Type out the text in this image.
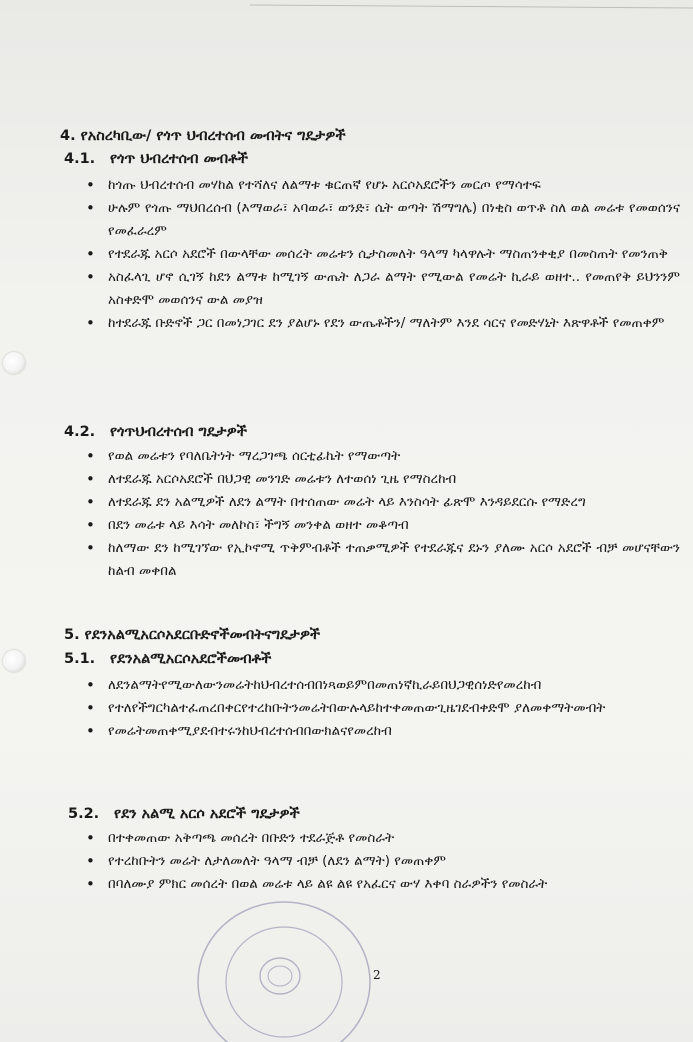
4. የአስረካቢው/ የጎጥ ህብረተሰብ መብትና ግዴታዎች
4.1. የጎጥ ህብረተሰብ መብቶች
• ከጎጡ ህብረተሰብ መሃከል የተሻለና ለልማቱ ቁርጠኛ የሆኑ አርሶአደሮችን መርጦ የማሳተፍ
• ሁሉም የጎጡ ማህበረሰብ (እማወራ፣ አባወራ፣ ወንድ፣ ሴት ወጣት ሽማግሌ) በነቂስ ወጥቶ ስለ ወል መሬቱ የመወሰንና የመፈራረም
• የተደራጁ አርሶ አደሮች በውላቸው መሰረት መሬቱን ሲታስመለት ዓላማ ካላዋሉት ማስጠንቀቂያ በመስጠት የመንጠቅ
• አስፈላጊ ሆኖ ሲገኝ ከደን ልማቱ ከሚገኝ ውጤት ለጋራ ልማት የሚውል የመሬት ኪራይ ወዘተ.. የመጠየቅ ይህንንም አስቀድሞ መወሰንና ውል መያዝ
• ከተደራጁ ቡድኖች ጋር በመነጋገር ደን ያልሆኑ የደን ውጤቶችን/ ማለትም እንደ ሳርና የመድሃኒት እጽዋቶች የመጠቀም
4.2. የጎጥህብረተሰብ ግዴታዎች
• የወል መሬቱን የባለቤትነት ማረጋገጫ ሰርቲፊኬት የማውጣት
• ለተደራጁ አርሶአደሮች በህጋዊ መንገድ መሬቱን ለተወሰነ ጊዜ የማስረከብ
• ለተደራጁ ደን አልሚዎች ለደን ልማት በተሰጠው መሬት ላይ እንስሳት ፊጽሞ እንዳይደርሱ የማድረግ
• በደን መሬቱ ላይ እሳት መለኮስ፣ ችግኝ መንቀል ወዘተ መቆጣብ
• ከለማው ደን ከሚገኘው የኢኮኖሚ ጥቅምብቶች ተጠቃሚዎች የተደራጁና ደኑን ያለሙ አርሶ አደሮች ብቻ መሆናቸውን ከልብ መቀበል
5. የደንአልሚአርሶአደርቡድኖችመብትናግዴታዎች
5.1. የደንአልሚአርሶአደሮችመብቶች
• ለደንልማትየሚውለውንመሬትከህብረተሰብበነጻወይምበመጠነኛኪራይበህጋዊሰነድየመረከብ
• የተለየችግርካልተፈጠረበቀርየተረከቡትንመሬትበውሉላይከተቀመጠውጊዜገደብቀድሞ ያለመቀማትመብት
• የመሬትመጠቀሚያደብተሩንከህብረተሰብበውክልናየመረከብ
5.2. የደን አልሚ አርሶ አደሮች ግዴታዎች
• በተቀመጠው አቅጣጫ መሰረት በቡድን ተደራጅቶ የመስራት
• የተረከቡትን መሬት ለታለመለት ዓላማ ብቻ (ለደን ልማት) የመጠቀም
• በባለሙያ ምክር መሰረት በወል መሬቱ ላይ ልዩ ልዩ የአፈርና ውሃ እቀባ ስራዎችን የመስራት
2
